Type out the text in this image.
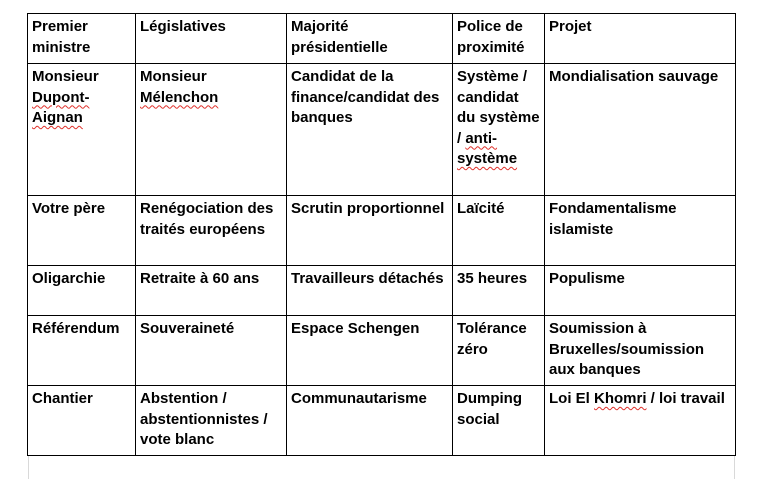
Premier ministre	Législatives	Majorité présidentielle	Police de proximité	Projet
Monsieur Dupont-Aignan	Monsieur Mélenchon	Candidat de la finance/candidat des banques	Système / candidat du système / anti-système	Mondialisation sauvage
Votre père	Renégociation des traités européens	Scrutin proportionnel	Laïcité	Fondamentalisme islamiste
Oligarchie	Retraite à 60 ans	Travailleurs détachés	35 heures	Populisme
Référendum	Souveraineté	Espace Schengen	Tolérance zéro	Soumission à Bruxelles/soumission aux banques
Chantier	Abstention / abstentionnistes / vote blanc	Communautarisme	Dumping social	Loi El Khomri / loi travail
